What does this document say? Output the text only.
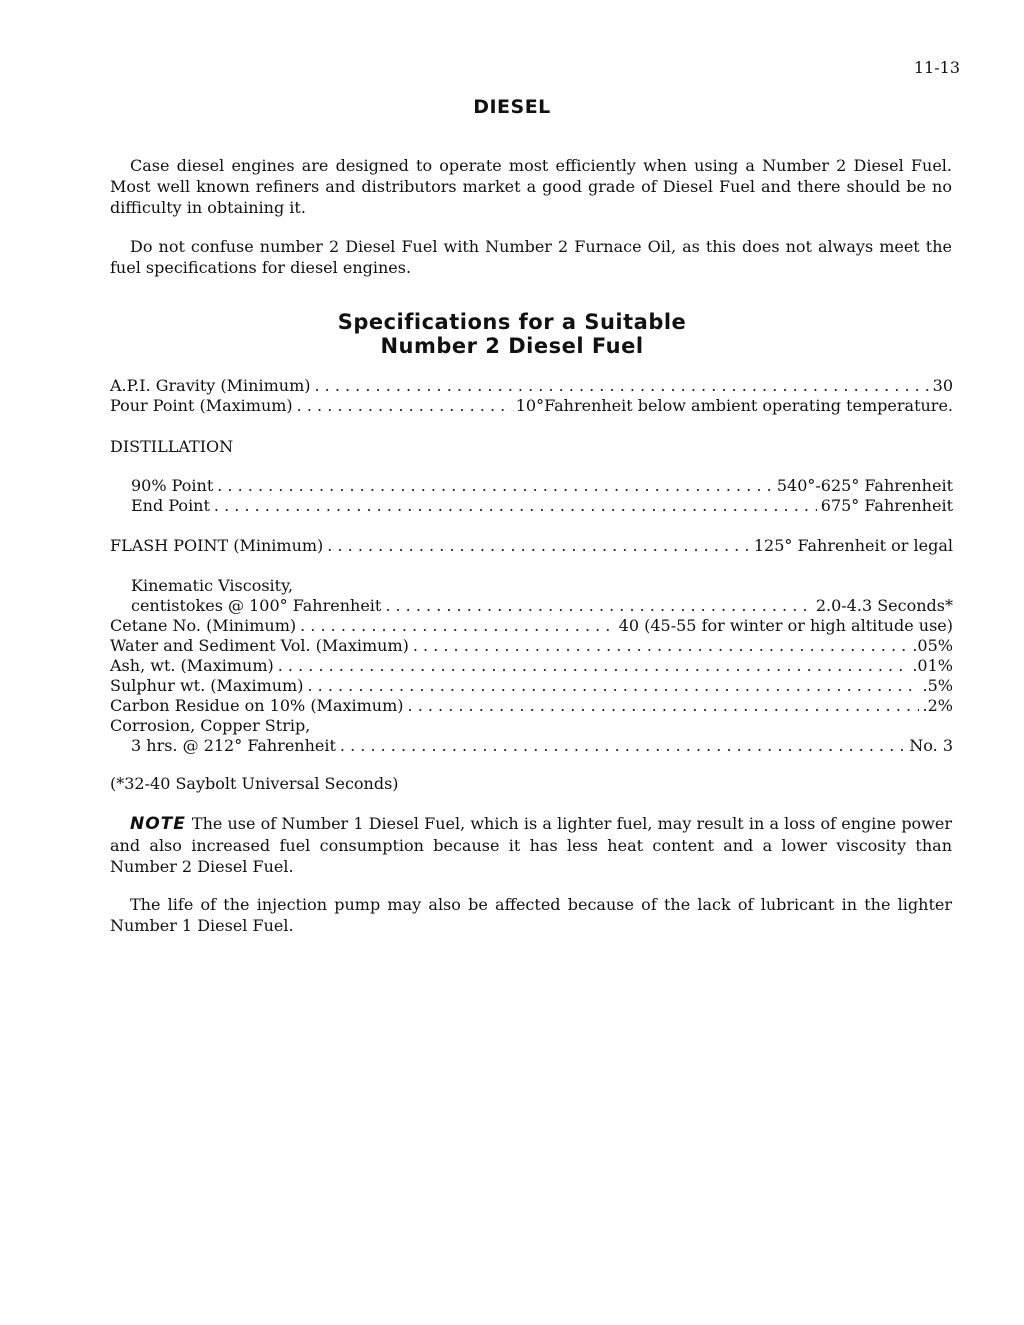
11-13
DIESEL

Case diesel engines are designed to operate most efficiently when using a Number 2 Diesel Fuel. Most well known refiners and distributors market a good grade of Diesel Fuel and there should be no difficulty in obtaining it.

Do not confuse number 2 Diesel Fuel with Number 2 Furnace Oil, as this does not always meet the fuel specifications for diesel engines.

Specifications for a Suitable
Number 2 Diesel Fuel
A.P.I. Gravity (Minimum) . . .	30
Pour Point (Maximum) . . .	10°Fahrenheit below ambient operating temperature.
DISTILLATION
90% Point . . .	540°-625° Fahrenheit
End Point . . .	675° Fahrenheit
FLASH POINT (Minimum) . . .	125° Fahrenheit or legal
Kinematic Viscosity,
centistokes @ 100° Fahrenheit . . .	2.0-4.3 Seconds*
Cetane No. (Minimum) . . .	40 (45-55 for winter or high altitude use)
Water and Sediment Vol. (Maximum) . . .	.05%
Ash, wt. (Maximum) . . .	.01%
Sulphur wt. (Maximum) . . .	.5%
Carbon Residue on 10% (Maximum) . . .	.2%
Corrosion, Copper Strip,
3 hrs. @ 212° Fahrenheit . . .	No. 3
(*32-40 Saybolt Universal Seconds)

NOTE The use of Number 1 Diesel Fuel, which is a lighter fuel, may result in a loss of engine power and also increased fuel consumption because it has less heat content and a lower viscosity than Number 2 Diesel Fuel.

The life of the injection pump may also be affected because of the lack of lubricant in the lighter Number 1 Diesel Fuel.
